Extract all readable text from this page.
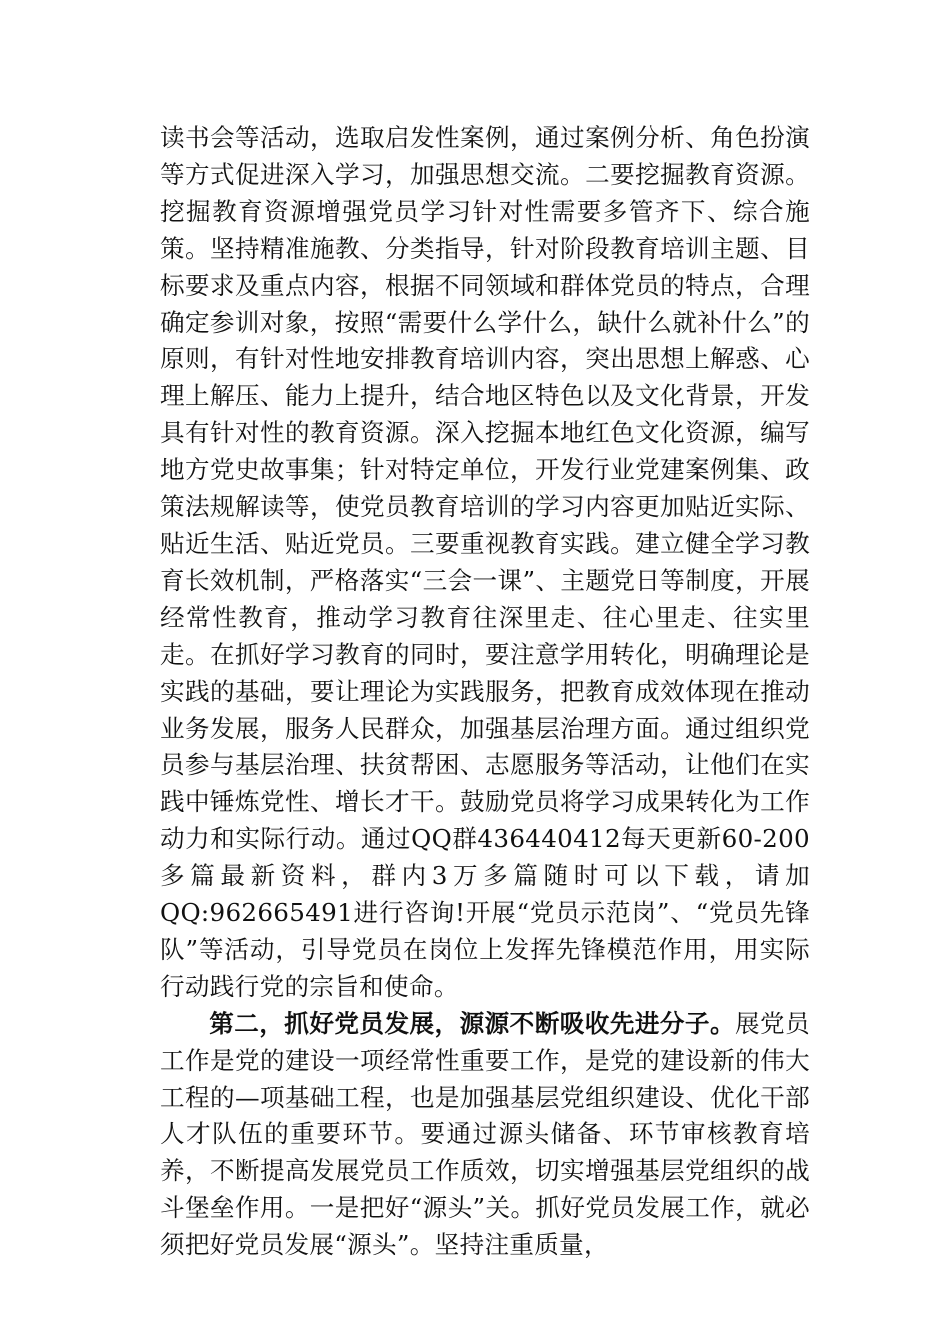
读书会等活动，选取启发性案例，通过案例分析、角色扮演等方式促进深入学习，加强思想交流。二要挖掘教育资源。挖掘教育资源增强党员学习针对性需要多管齐下、综合施策。坚持精准施教、分类指导，针对阶段教育培训主题、目标要求及重点内容，根据不同领域和群体党员的特点，合理确定参训对象，按照“需要什么学什么，缺什么就补什么”的原则，有针对性地安排教育培训内容，突出思想上解惑、心理上解压、能力上提升，结合地区特色以及文化背景，开发具有针对性的教育资源。深入挖掘本地红色文化资源，编写地方党史故事集；针对特定单位，开发行业党建案例集、政策法规解读等，使党员教育培训的学习内容更加贴近实际、贴近生活、贴近党员。三要重视教育实践。建立健全学习教育长效机制，严格落实“三会一课”、主题党日等制度，开展经常性教育，推动学习教育往深里走、往心里走、往实里走。在抓好学习教育的同时，要注意学用转化，明确理论是实践的基础，要让理论为实践服务，把教育成效体现在推动业务发展，服务人民群众，加强基层治理方面。通过组织党员参与基层治理、扶贫帮困、志愿服务等活动，让他们在实践中锤炼党性、增长才干。鼓励党员将学习成果转化为工作动力和实际行动。通过QQ群436440412每天更新60-200多篇最新资料，群内3万多篇随时可以下载，请加QQ:962665491进行咨询!开展“党员示范岗”、“党员先锋队”等活动，引导党员在岗位上发挥先锋模范作用，用实际行动践行党的宗旨和使命。

第二，抓好党员发展，源源不断吸收先进分子。展党员工作是党的建设一项经常性重要工作，是党的建设新的伟大工程的—项基础工程，也是加强基层党组织建设、优化干部人才队伍的重要环节。要通过源头储备、环节审核教育培养，不断提高发展党员工作质效，切实增强基层党组织的战斗堡垒作用。一是把好“源头”关。抓好党员发展工作，就必须把好党员发展“源头”。坚持注重质量，
